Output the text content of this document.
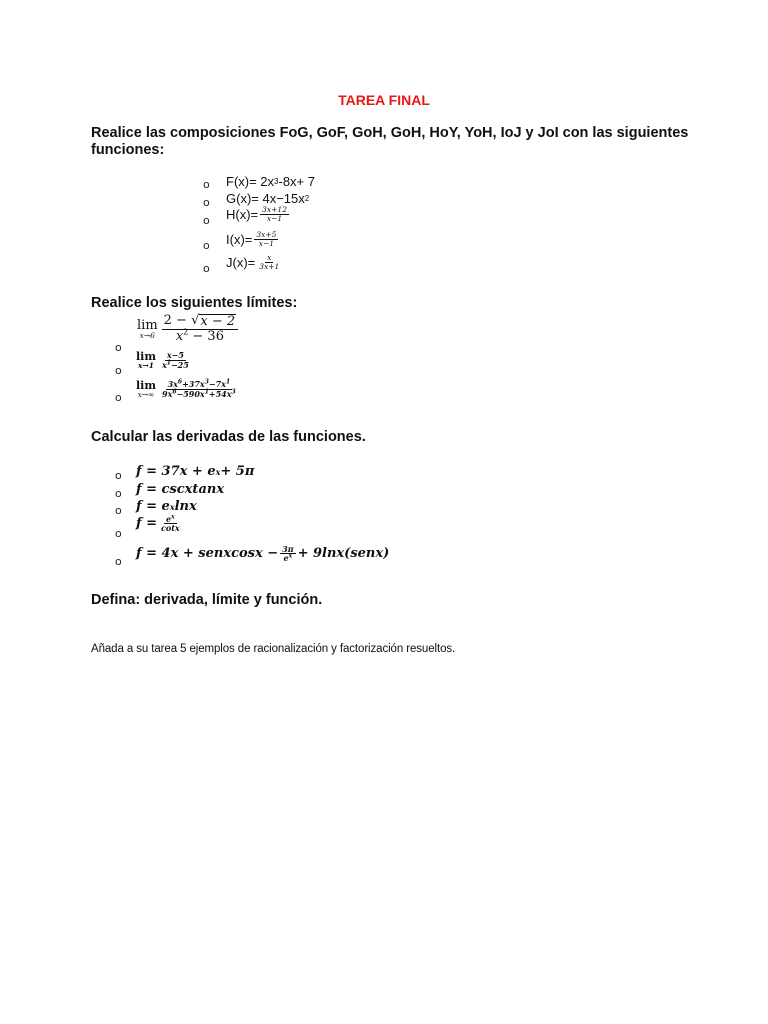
TAREA FINAL

Realice las composiciones FoG, GoF, GoH, GoH, HoY, YoH, IoJ y JoI con las siguientes funciones:

o F(x)= 2x 3 -8x+ 7
o G(x)= 4x−15x 2
o $H(x)= \frac{3x+12}{x-1}$
o $I(x)= \frac{3x+5}{x-1}$
o $J(x)= \frac{x}{3x+1}$

Realice los siguientes límites:

o
lim
$x\to 6 \frac{2 - √ x - 2}{x^2 - 36}$
o
lim
$x\to 1 \frac{x-5}{x^1-25}$
o
lim
$x\to\infty \frac{3x^6+37x^3-7x^1}{9x^6-590x^1+54x^3}$

Calcular las derivadas de las funciones.

o f = 37x + e x + 5π
o f = cscxtanx
o f = e x lnx
o
$f = \frac{e^x}{\cot x}$
o
f = 4x + senxcosx − $\frac{3\pi}{e^x}$ + 9lnx(senx)

Defina: derivada, límite y función.

Añada a su tarea 5 ejemplos de racionalización y factorización resueltos.
